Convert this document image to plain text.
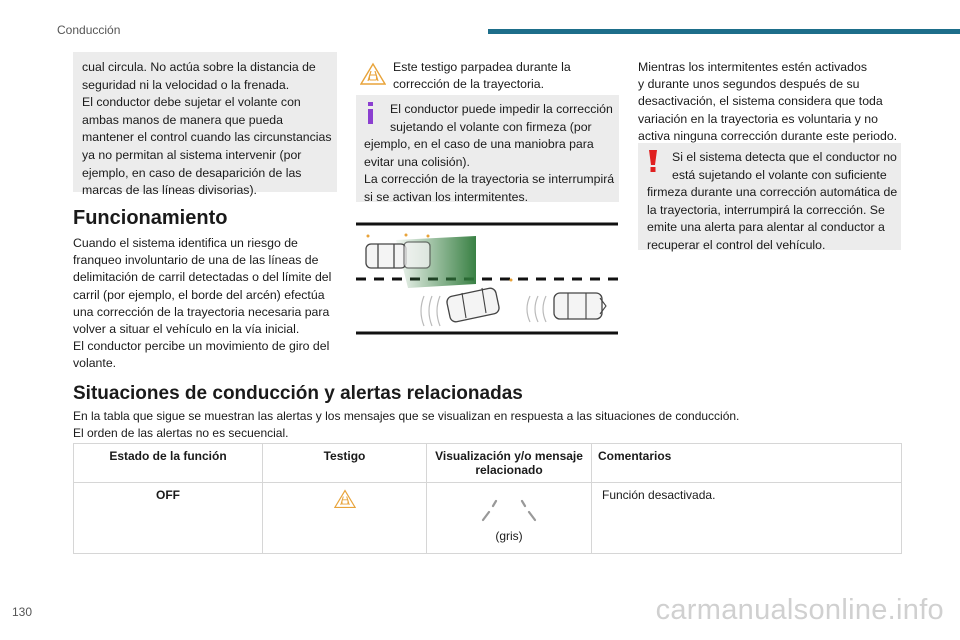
Conducción
cual circula. No actúa sobre la distancia de
seguridad ni la velocidad o la frenada.
El conductor debe sujetar el volante con
ambas manos de manera que pueda
mantener el control cuando las circunstancias
ya no permitan al sistema intervenir (por
ejemplo, en caso de desaparición de las
marcas de las líneas divisorias).
Funcionamiento
Cuando el sistema identifica un riesgo de
franqueo involuntario de una de las líneas de
delimitación de carril detectadas o del límite del
carril (por ejemplo, el borde del arcén) efectúa
una corrección de la trayectoria necesaria para
volver a situar el vehículo en la vía inicial.
El conductor percibe un movimiento de giro del
volante.
Este testigo parpadea durante la
corrección de la trayectoria.
El conductor puede impedir la corrección
sujetando el volante con firmeza (por
ejemplo, en el caso de una maniobra para
evitar una colisión).
La corrección de la trayectoria se interrumpirá
si se activan los intermitentes.
Mientras los intermitentes estén activados
y durante unos segundos después de su
desactivación, el sistema considera que toda
variación en la trayectoria es voluntaria y no
activa ninguna corrección durante este periodo.
Si el sistema detecta que el conductor no
está sujetando el volante con suficiente
firmeza durante una corrección automática de
la trayectoria, interrumpirá la corrección. Se
emite una alerta para alentar al conductor a
recuperar el control del vehículo.
Situaciones de conducción y alertas relacionadas
En la tabla que sigue se muestran las alertas y los mensajes que se visualizan en respuesta a las situaciones de conducción.
El orden de las alertas no es secuencial.
Estado de la función	Testigo	Visualización y/o mensaje relacionado	Comentarios
OFF		(gris)	Función desactivada.
130	carmanualsonline.info
